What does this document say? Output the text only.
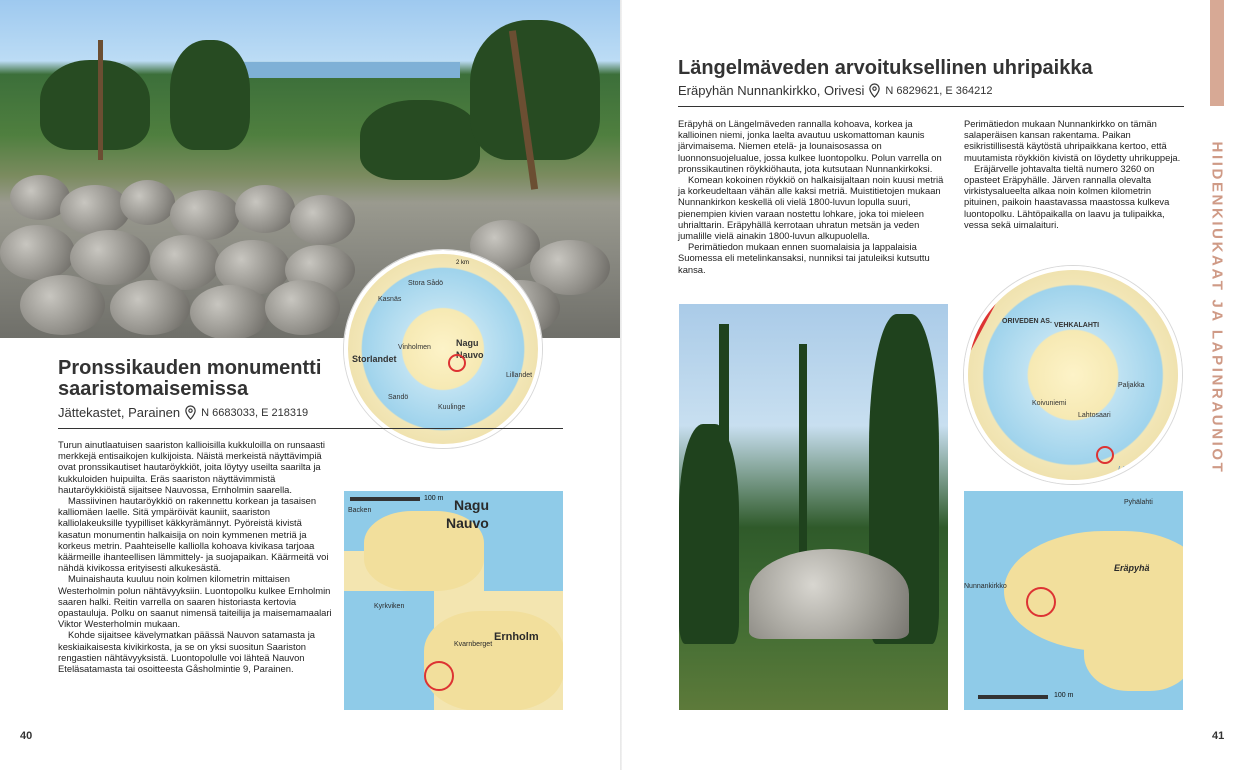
2 km
Stora Sådö
Kasnäs
Vinholmen
Storlandet
Nagu
Nauvo
Lillandet
Kuulinge
Sandö
100 m Nagu
Nauvo
Ernholm
Backen
Kyrkviken
Kvarnberget
Pronssikauden monumentti
saaristomaisemissa
Jättekastet, Parainen N 6683033, E 218319

Turun ainutlaatuisen saariston kallioisilla kukkuloilla on runsaasti merkkejä entisaikojen kulkijoista. Näistä merkeistä näyttävimpiä ovat pronssikautiset hautaröykkiöt, joita löytyy useilta saarilta ja kukkuloiden huipuilta. Eräs saariston näyttävimmistä hautaröykkiöistä sijaitsee Nauvossa, Ernholmin saarella.

Massiivinen hautaröykkiö on rakennettu korkean ja tasaisen kalliomäen laelle. Sitä ympäröivät kauniit, saariston kalliolakeuksille tyypilliset käkkyrämännyt. Pyöreistä kivistä kasatun monumentin halkaisija on noin kymmenen metriä ja korkeus metrin. Paahteiselle kalliolla kohoava kivikasa tarjoaa käärmeille ihanteellisen lämmittely- ja suojapaikan. Käärmeitä voi nähdä kivikossa erityisesti alkukesästä.

Muinaishauta kuuluu noin kolmen kilometrin mittaisen Westerholmin polun nähtävyyksiin. Luontopolku kulkee Ernholmin saaren halki. Reitin varrella on saaren historiasta kertovia opastauluja. Polku on saanut nimensä taiteilija ja maisemamaalari Viktor Westerholmin mukaan.

Kohde sijaitsee kävelymatkan päässä Nauvon satamasta ja keskiaikaisesta kivikirkosta, ja se on yksi suositun Saariston rengastien nähtävyyksistä. Luontopolulle voi lähteä Nauvon Eteläsatamasta tai osoitteesta Gåsholmintie 9, Parainen.

40
HIIDENKIUKAAT JA LAPINRAUNIOT
Längelmäveden arvoituksellinen uhripaikka
Eräpyhän Nunnankirkko, Orivesi N 6829621, E 364212

Eräpyhä on Längelmäveden rannalla kohoava, korkea ja kallioinen niemi, jonka laelta avautuu uskomattoman kaunis järvimaisema. Niemen etelä- ja lounaisosassa on luonnonsuojelualue, jossa kulkee luontopolku. Polun varrella on pronssikautinen röykkiöhauta, jota kutsutaan Nunnankirkoksi.

Komean kokoinen röykkiö on halkaisijaltaan noin kuusi metriä ja korkeudeltaan vähän alle kaksi metriä. Muistitietojen mukaan Nunnankirkon keskellä oli vielä 1800-luvun lopulla suuri, pienempien kivien varaan nostettu lohkare, joka toi mieleen uhrialttarin. Eräpyhällä kerrotaan uhratun metsän ja veden jumalille vielä ainakin 1800-luvun alkupuolella.

Perimätiedon mukaan ennen suomalaisia ja lappalaisia Suomessa eli metelinkansaksi, nunniksi tai jatuleiksi kutsuttu kansa.

Perimätiedon mukaan Nunnankirkko on tämän salaperäisen kansan rakentama. Paikan esikristillisestä käytöstä uhripaikkana kertoo, että muutamista röykkiön kivistä on löydetty uhrikuppeja.

Eräjärvelle johtavalta tieltä numero 3260 on opasteet Eräpyhälle. Järven rannalla olevalta virkistysalueelta alkaa noin kolmen kilometrin pituinen, paikoin haastavassa maastossa kulkeva luontopolku. Lähtöpaikalla on laavu ja tulipaikka, vessa sekä uimalaituri.

ORIVEDEN AS.
VEHKALAHTI
Lahtosaari
Längelmävesi
Paljakka
Koivuniemi
Nunnankirkko
Eräpyhä
Pyhälahti
100 m
41
